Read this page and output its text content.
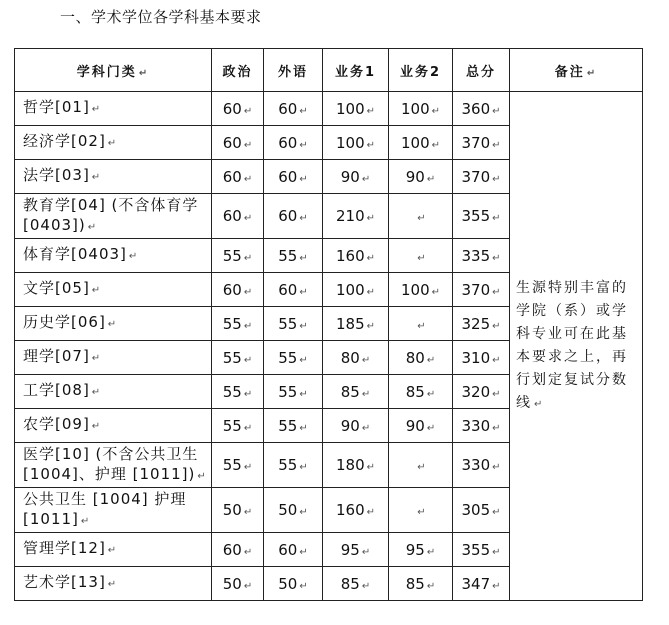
一、学术学位各学科基本要求
学科门类 ↵	政治	外语	业务1	业务2	总分	备注 ↵
哲学[01] ↵	60 ↵	60 ↵	100 ↵	100 ↵	360 ↵	生源特别丰富的学院（系）或学科专业可在此基本要求之上，再行划定复试分数线 ↵
经济学[02] ↵	60 ↵	60 ↵	100 ↵	100 ↵	370 ↵	
法学[03] ↵	60 ↵	60 ↵	90 ↵	90 ↵	370 ↵	
教育学[04] (不含体育学[0403]) ↵	60 ↵	60 ↵	210 ↵	↵	355 ↵	
体育学[0403] ↵	55 ↵	55 ↵	160 ↵	↵	335 ↵	
文学[05] ↵	60 ↵	60 ↵	100 ↵	100 ↵	370 ↵	
历史学[06] ↵	55 ↵	55 ↵	185 ↵	↵	325 ↵	
理学[07] ↵	55 ↵	55 ↵	80 ↵	80 ↵	310 ↵	
工学[08] ↵	55 ↵	55 ↵	85 ↵	85 ↵	320 ↵	
农学[09] ↵	55 ↵	55 ↵	90 ↵	90 ↵	330 ↵	
医学[10] (不含公共卫生[1004]、护理 [1011]) ↵	55 ↵	55 ↵	180 ↵	↵	330 ↵	
公共卫生 [1004] 护理 [1011] ↵	50 ↵	50 ↵	160 ↵	↵	305 ↵	
管理学[12] ↵	60 ↵	60 ↵	95 ↵	95 ↵	355 ↵	
艺术学[13] ↵	50 ↵	50 ↵	85 ↵	85 ↵	347 ↵	
